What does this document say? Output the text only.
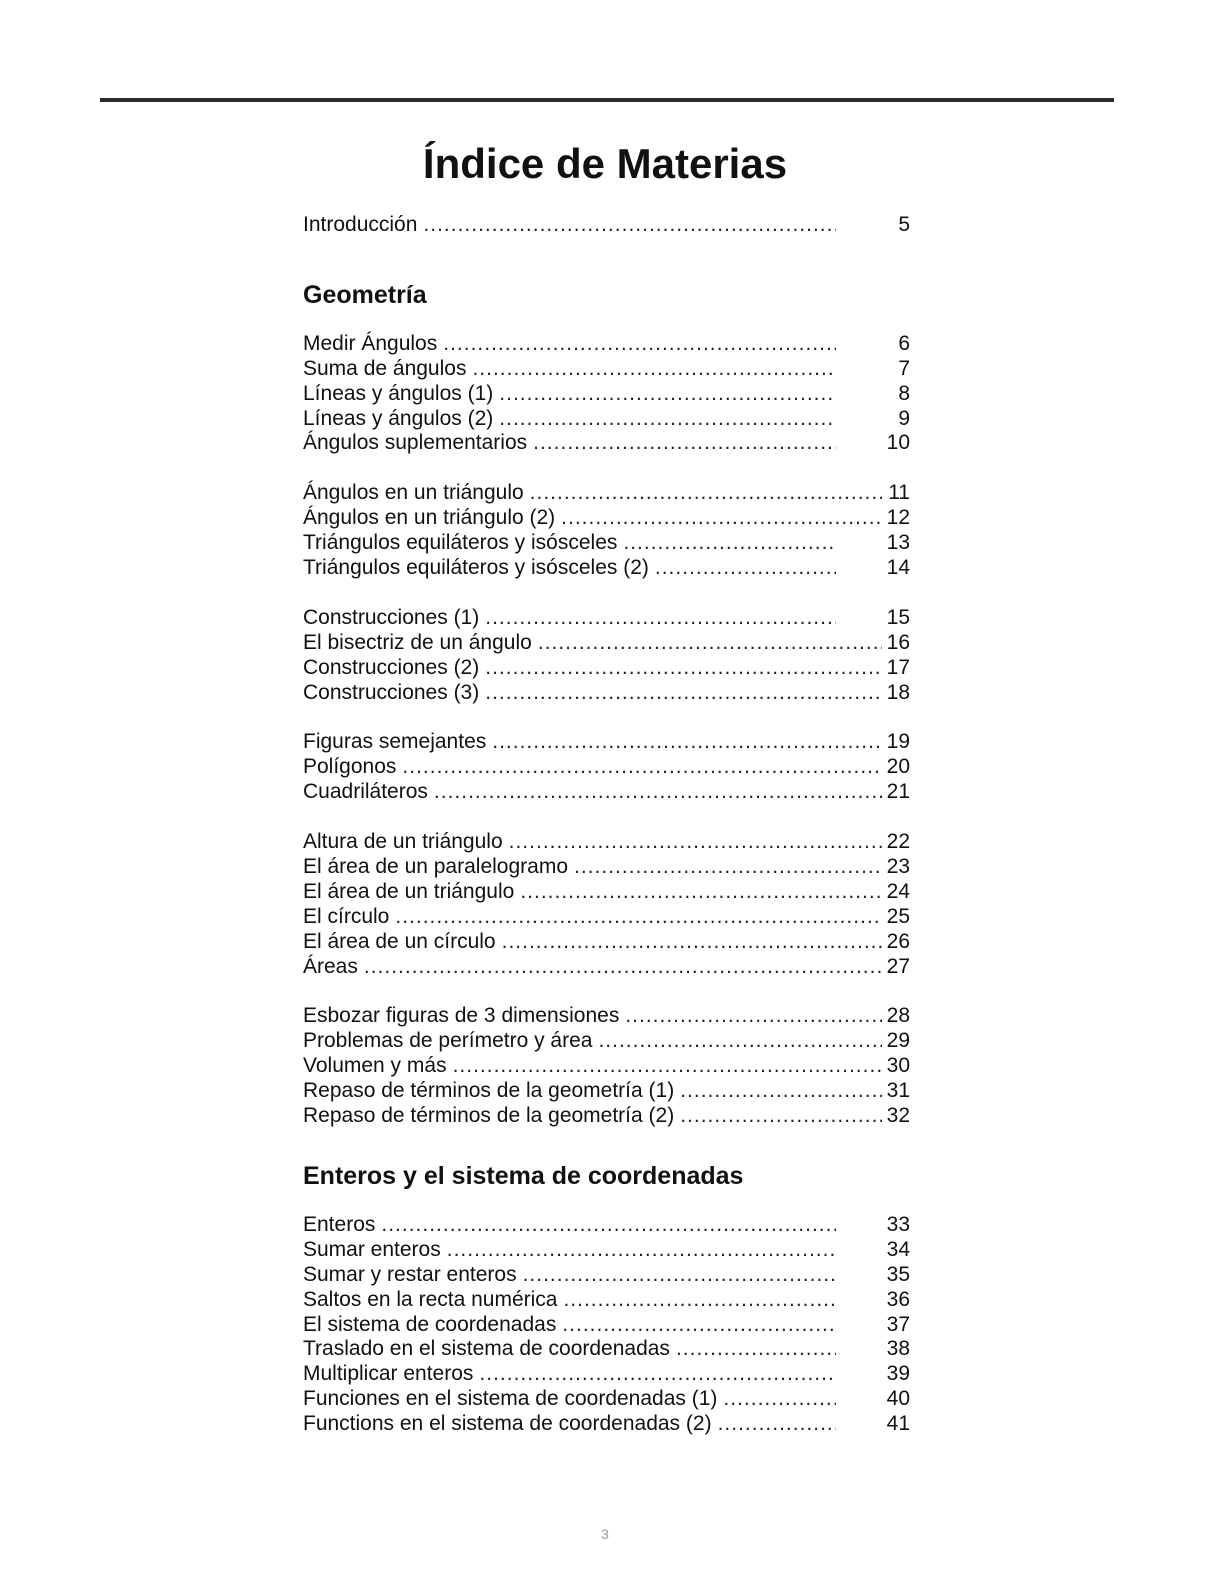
Índice de Materias
Introducción .....	5
Geometría
Medir Ángulos .....	6
Suma de ángulos .....	7
Líneas y ángulos (1) .....	8
Líneas y ángulos (2) .....	9
Ángulos suplementarios .....	10
Ángulos en un triángulo .....	11
Ángulos en un triángulo (2) .....	12
Triángulos equiláteros y isósceles .....	13
Triángulos equiláteros y isósceles (2) .....	14
Construcciones (1) .....	15
El bisectriz de un ángulo .....	16
Construcciones (2) .....	17
Construcciones (3) .....	18
Figuras semejantes .....	19
Polígonos .....	20
Cuadriláteros .....	21
Altura de un triángulo .....	22
El área de un paralelogramo .....	23
El área de un triángulo .....	24
El círculo .....	25
El área de un círculo .....	26
Áreas .....	27
Esbozar figuras de 3 dimensiones .....	28
Problemas de perímetro y área .....	29
Volumen y más .....	30
Repaso de términos de la geometría (1) .....	31
Repaso de términos de la geometría (2) .....	32
Enteros y el sistema de coordenadas
Enteros .....	33
Sumar enteros .....	34
Sumar y restar enteros .....	35
Saltos en la recta numérica .....	36
El sistema de coordenadas .....	37
Traslado en el sistema de coordenadas .....	38
Multiplicar enteros .....	39
Funciones en el sistema de coordenadas (1) .....	40
Functions en el sistema de coordenadas (2) .....	41
3
